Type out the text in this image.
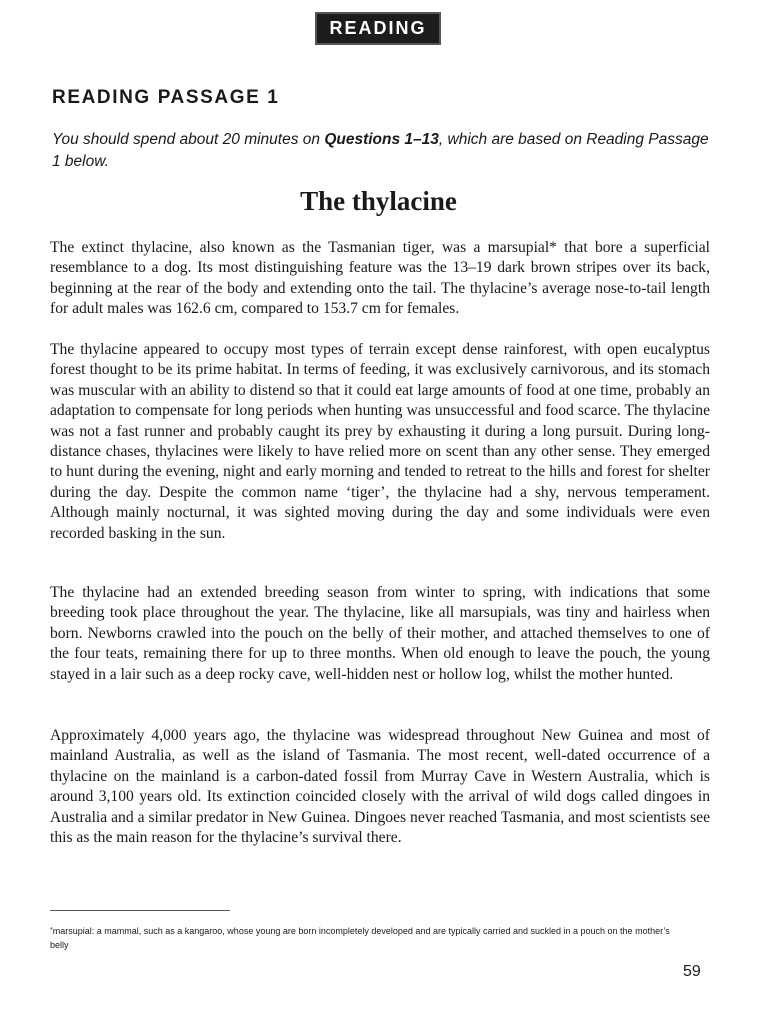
READING
READING PASSAGE 1

You should spend about 20 minutes on Questions 1–13, which are based on Reading Passage 1 below.

The thylacine

The extinct thylacine, also known as the Tasmanian tiger, was a marsupial* that bore a superficial resemblance to a dog. Its most distinguishing feature was the 13–19 dark brown stripes over its back, beginning at the rear of the body and extending onto the tail. The thylacine’s average nose-to-tail length for adult males was 162.6 cm, compared to 153.7 cm for females.

The thylacine appeared to occupy most types of terrain except dense rainforest, with open eucalyptus forest thought to be its prime habitat. In terms of feeding, it was exclusively carnivorous, and its stomach was muscular with an ability to distend so that it could eat large amounts of food at one time, probably an adaptation to compensate for long periods when hunting was unsuccessful and food scarce. The thylacine was not a fast runner and probably caught its prey by exhausting it during a long pursuit. During long-distance chases, thylacines were likely to have relied more on scent than any other sense. They emerged to hunt during the evening, night and early morning and tended to retreat to the hills and forest for shelter during the day. Despite the common name ‘tiger’, the thylacine had a shy, nervous temperament. Although mainly nocturnal, it was sighted moving during the day and some individuals were even recorded basking in the sun.

The thylacine had an extended breeding season from winter to spring, with indications that some breeding took place throughout the year. The thylacine, like all marsupials, was tiny and hairless when born. Newborns crawled into the pouch on the belly of their mother, and attached themselves to one of the four teats, remaining there for up to three months. When old enough to leave the pouch, the young stayed in a lair such as a deep rocky cave, well-hidden nest or hollow log, whilst the mother hunted.

Approximately 4,000 years ago, the thylacine was widespread throughout New Guinea and most of mainland Australia, as well as the island of Tasmania. The most recent, well-dated occurrence of a thylacine on the mainland is a carbon-dated fossil from Murray Cave in Western Australia, which is around 3,100 years old. Its extinction coincided closely with the arrival of wild dogs called dingoes in Australia and a similar predator in New Guinea. Dingoes never reached Tasmania, and most scientists see this as the main reason for the thylacine’s survival there.

*marsupial: a mammal, such as a kangaroo, whose young are born incompletely developed and are typically carried and suckled in a pouch on the mother’s belly

59
